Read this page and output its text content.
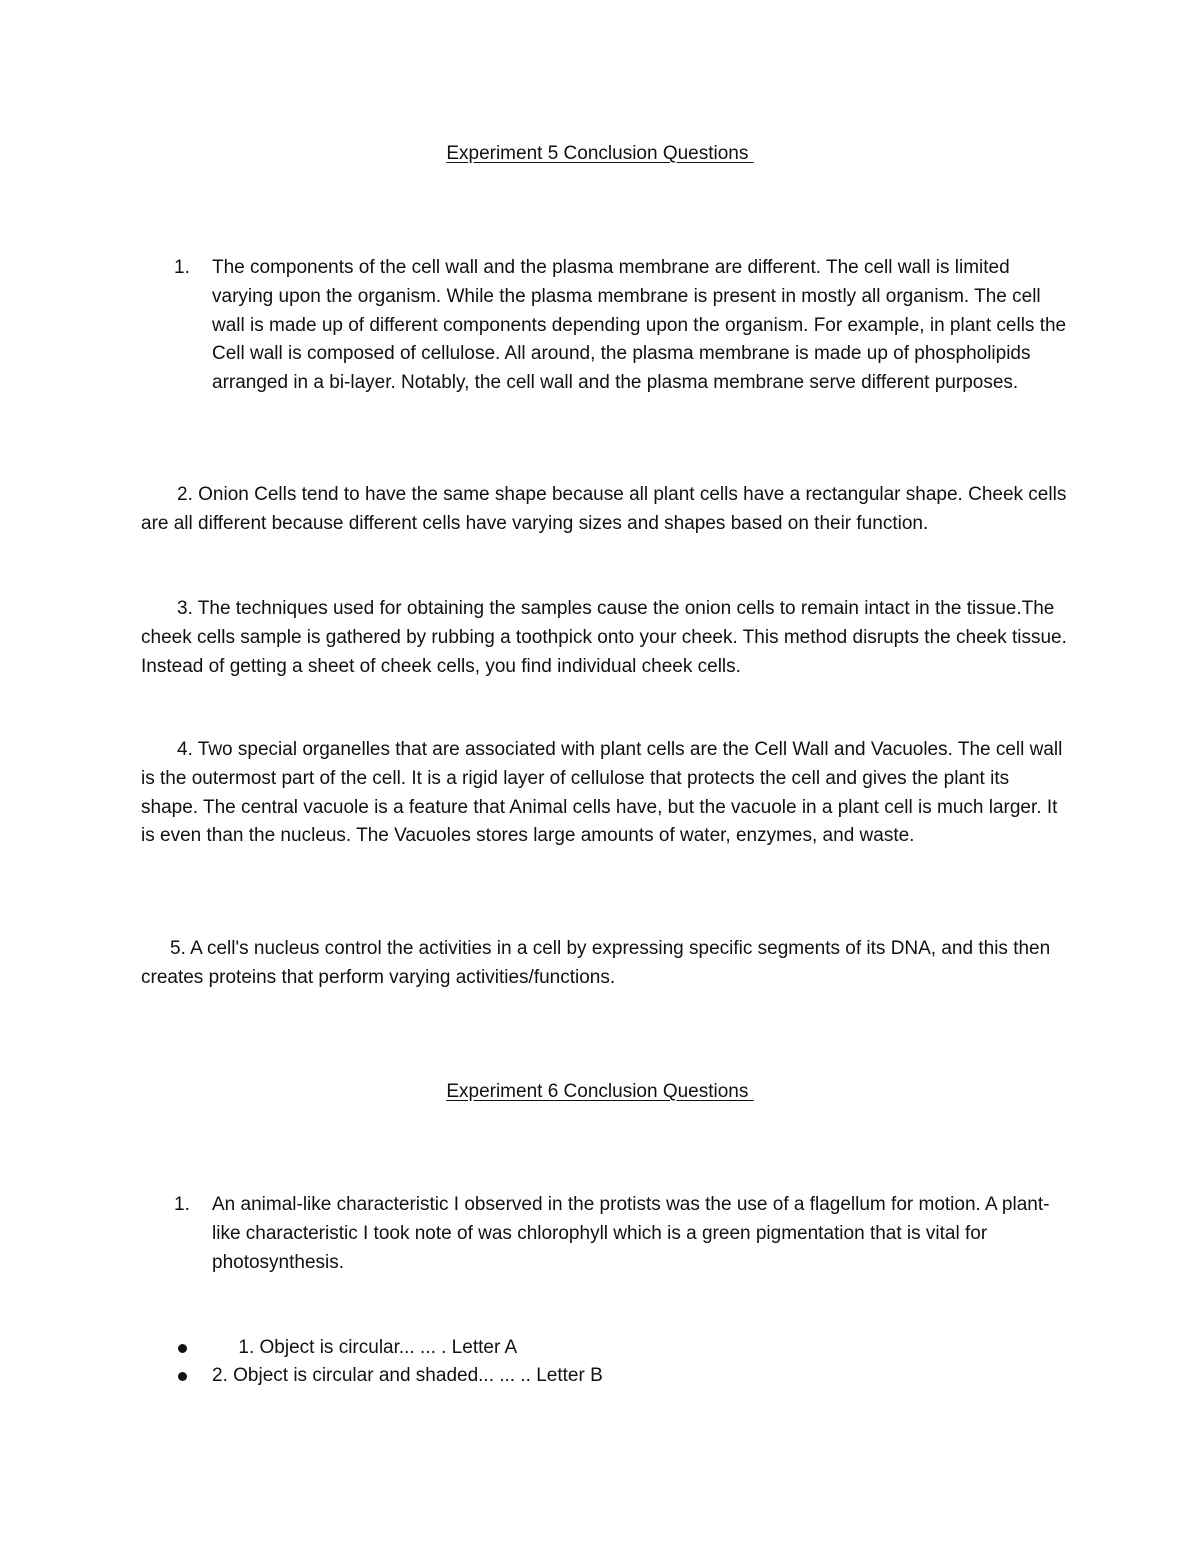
Experiment 5 Conclusion Questions
1. The components of the cell wall and the plasma membrane are different. The cell wall is limited varying upon the organism. While the plasma membrane is present in mostly all organism. The cell wall is made up of different components depending upon the organism. For example, in plant cells the Cell wall is composed of cellulose. All around, the plasma membrane is made up of phospholipids arranged in a bi-layer. Notably, the cell wall and the plasma membrane serve different purposes.
2. Onion Cells tend to have the same shape because all plant cells have a rectangular shape. Cheek cells are all different because different cells have varying sizes and shapes based on their function.
3. The techniques used for obtaining the samples cause the onion cells to remain intact in the tissue.The cheek cells sample is gathered by rubbing a toothpick onto your cheek. This method disrupts the cheek tissue. Instead of getting a sheet of cheek cells, you find individual cheek cells.
4. Two special organelles that are associated with plant cells are the Cell Wall and Vacuoles. The cell wall is the outermost part of the cell. It is a rigid layer of cellulose that protects the cell and gives the plant its shape. The central vacuole is a feature that Animal cells have, but the vacuole in a plant cell is much larger. It is even than the nucleus. The Vacuoles stores large amounts of water, enzymes, and waste.
5. A cell's nucleus control the activities in a cell by expressing specific segments of its DNA, and this then creates proteins that perform varying activities/functions.
Experiment 6 Conclusion Questions
1. An animal-like characteristic I observed in the protists was the use of a flagellum for motion. A plant-like characteristic I took note of was chlorophyll which is a green pigmentation that is vital for photosynthesis.
1. Object is circular... ... . Letter A
2. Object is circular and shaded... ... .. Letter B
